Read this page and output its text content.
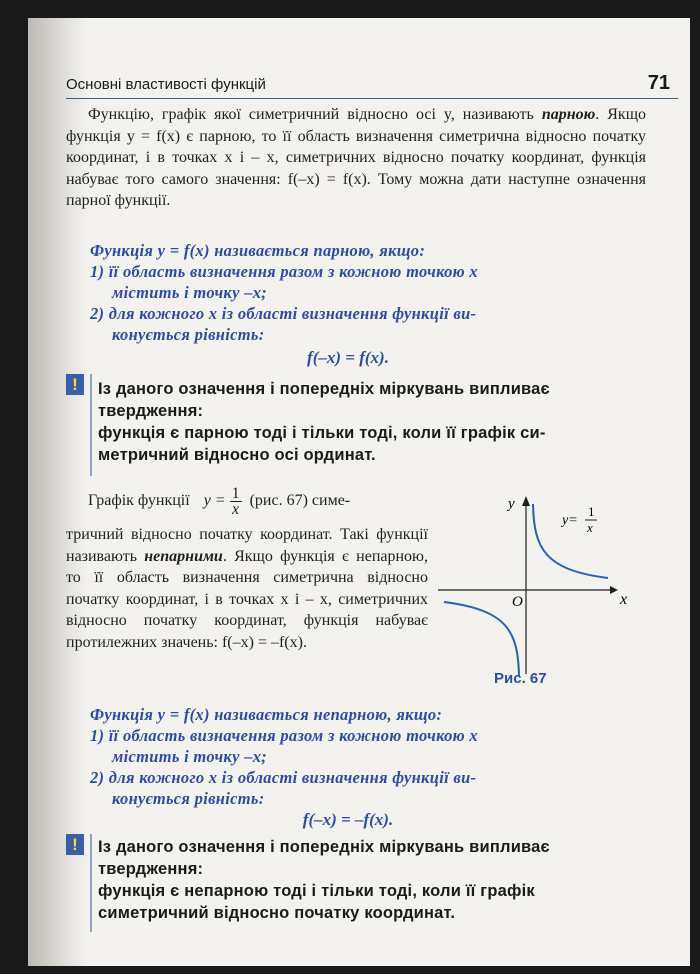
Основні властивості функцій	71
Функцію, графік якої симетричний відносно осі y, називають парною. Якщо функція y = f(x) є парною, то її область визначення симетрична відносно початку координат, і в точках x і – x, симетричних відносно початку координат, функція набуває того самого значення: f(–x) = f(x). Тому можна дати наступне означення парної функції.
Функція y = f(x) називається парною, якщо:
1) її область визначення разом з кожною точкою x
містить і точку –x;
2) для кожного x із області визначення функції ви-
конується рівність:
f(–x) = f(x).
!	Із даного означення і попередніх міркувань випливає
твердження:
функція є парною тоді і тільки тоді, коли її графік си-
метричний відносно осі ординат.
Графік функції $y = \frac{1}{x} (рис$. 67) симе-
тричний відносно початку координат. Такі функції називають непарними. Якщо функція є непарною, то її область визначення симетрична відносно початку координат, і в точках x і – x, симетричних відносно початку координат, функція набуває протилежних значень: f(–x) = –f(x).
y
x
O
y=
1
x
Рис. 67
Функція y = f(x) називається непарною, якщо:
1) її область визначення разом з кожною точкою x
містить і точку –x;
2) для кожного x із області визначення функції ви-
конується рівність:
f(–x) = –f(x).
!	Із даного означення і попередніх міркувань випливає
твердження:
функція є непарною тоді і тільки тоді, коли її графік
симетричний відносно початку координат.
